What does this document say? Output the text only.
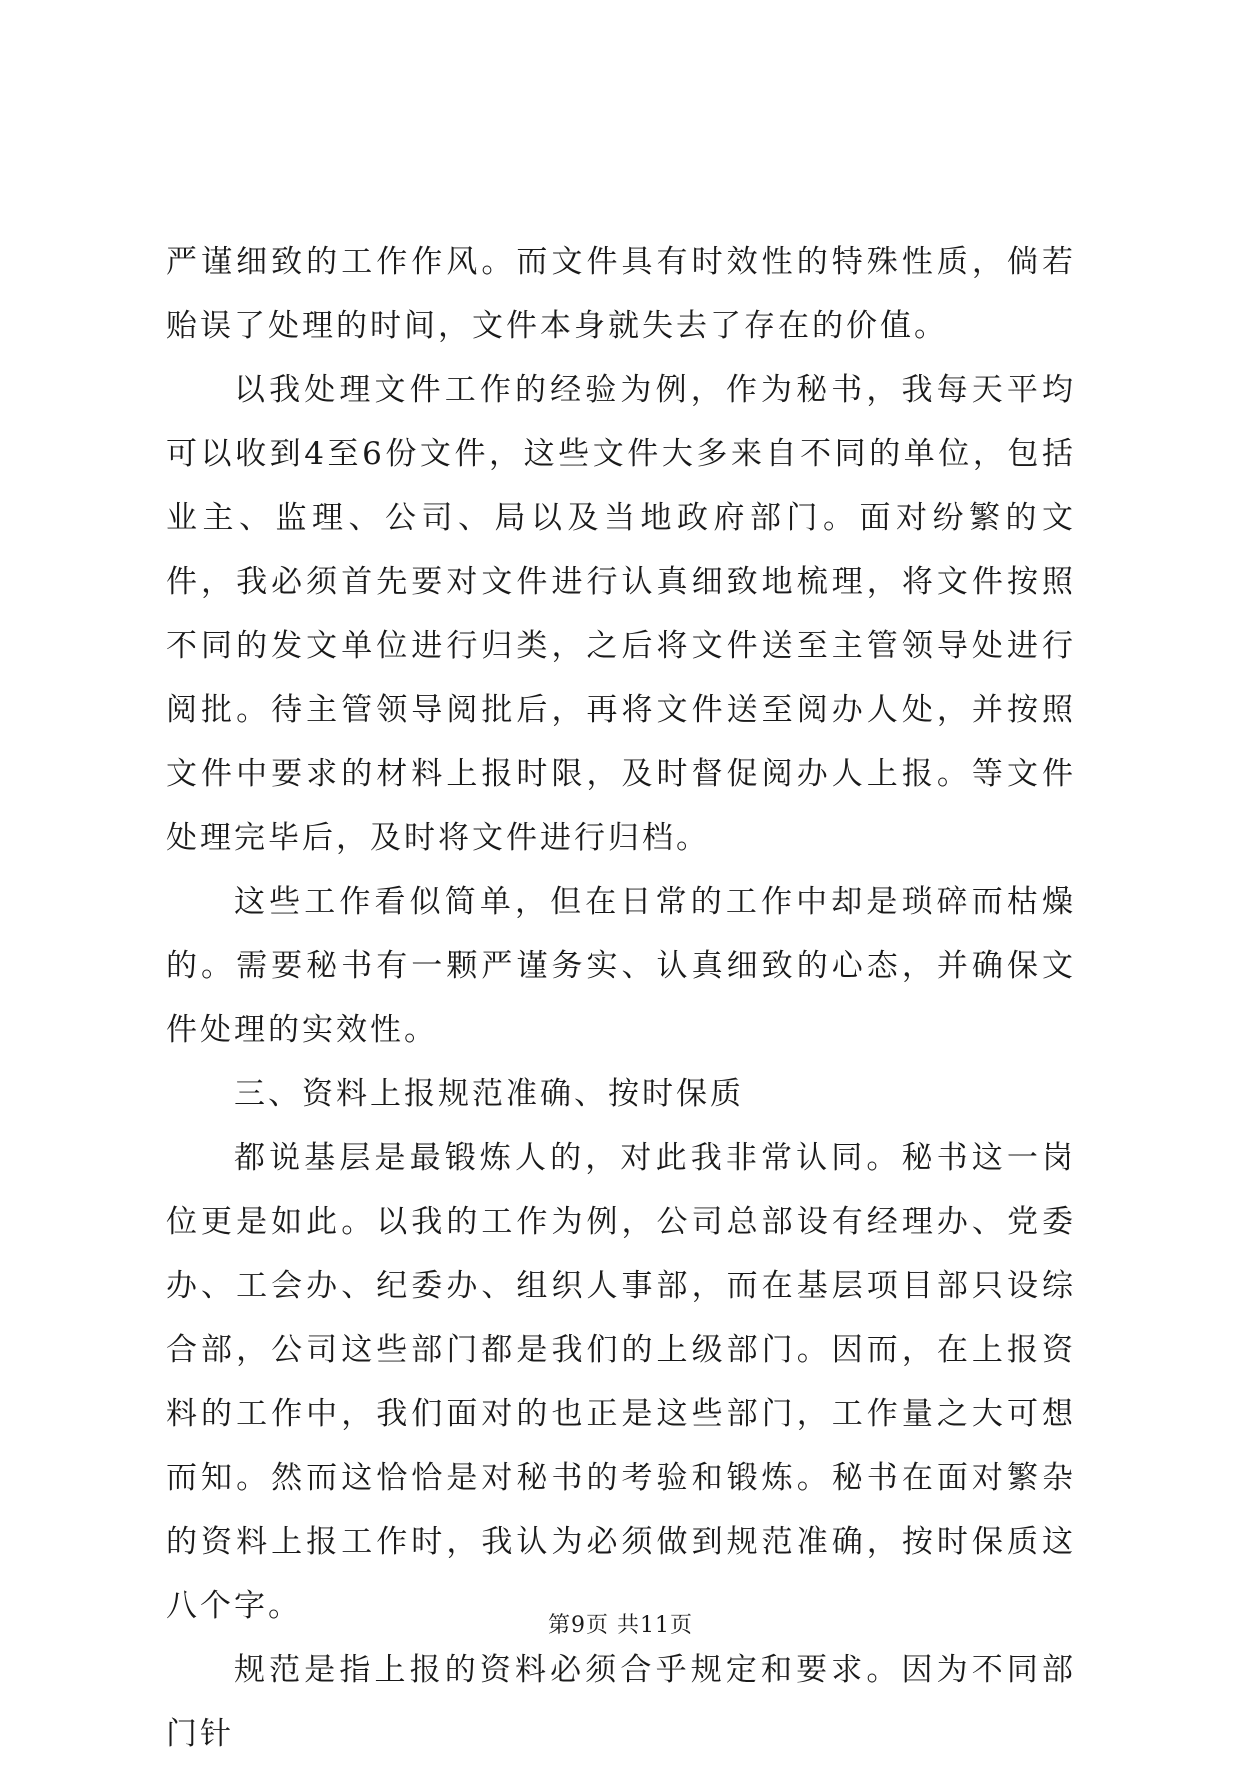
严谨细致的工作作风。而文件具有时效性的特殊性质，倘若贻误了处理的时间，文件本身就失去了存在的价值。

以我处理文件工作的经验为例，作为秘书，我每天平均可以收到4至6份文件，这些文件大多来自不同的单位，包括业主、监理、公司、局以及当地政府部门。面对纷繁的文件，我必须首先要对文件进行认真细致地梳理，将文件按照不同的发文单位进行归类，之后将文件送至主管领导处进行阅批。待主管领导阅批后，再将文件送至阅办人处，并按照文件中要求的材料上报时限，及时督促阅办人上报。等文件处理完毕后，及时将文件进行归档。

这些工作看似简单，但在日常的工作中却是琐碎而枯燥的。需要秘书有一颗严谨务实、认真细致的心态，并确保文件处理的实效性。

三、资料上报规范准确、按时保质

都说基层是最锻炼人的，对此我非常认同。秘书这一岗位更是如此。以我的工作为例，公司总部设有经理办、党委办、工会办、纪委办、组织人事部，而在基层项目部只设综合部，公司这些部门都是我们的上级部门。因而，在上报资料的工作中，我们面对的也正是这些部门，工作量之大可想而知。然而这恰恰是对秘书的考验和锻炼。秘书在面对繁杂的资料上报工作时，我认为必须做到规范准确，按时保质这八个字。

规范是指上报的资料必须合乎规定和要求。因为不同部门针

第9页 共11页
